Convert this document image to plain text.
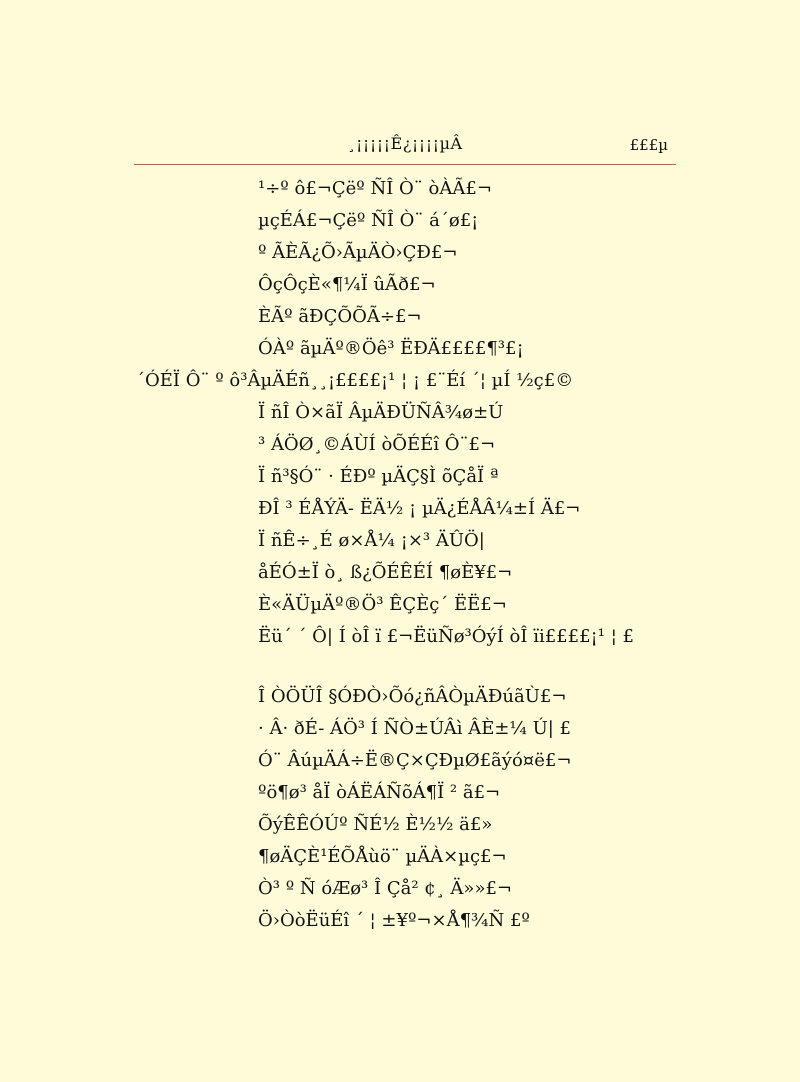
¸¡¡¡¡¡Ê¿¡¡¡¡µÂ	£££µ
¹÷º ô£¬Çëº ÑÎ Ò¨ òÀÃ£¬
µçÉÁ£¬Çëº ÑÎ Ò¨ á´ø£¡
º ÃÈÃ¿Õ›ÃµÄÒ›ÇÐ£¬
ÔçÔçÈ«¶¼Ï ûÃð£¬
ÈÃº ãÐÇÕÕÃ÷£¬
ÓÀº ãµÄº®Öê³ ËÐÄ££££¶³£¡
´ÓÉÏ Ô¨ º ô³ÂµÄÉñ¸¸¡££££¡¹ ¦ ¡ £¨Éí ´¦ µÍ ½ç£©
Ï ñÎ Ò×ãÏ ÂµÄÐÜÑÂ¾ø±Ú
³ ÁÖØ¸©ÁÙÍ òÕÉÉî Ô¨£¬
Ï ñ³§Ó¨ · ÉÐº µÄÇ§Ì õÇåÏ ª
ÐÎ ³ ÉÅÝÄ- ËÄ½ ¡ µÄ¿ÉÅÂ¼±Í Ä£¬
Ï ñÊ÷¸É ø×Å¼ ¡×³ ÄÛÖ|
åÉÓ±Ï ò¸ ß¿ÕÉÊÉÍ ¶øÈ¥£¬
È«ÄÜµÄº®Ö³ ÊÇÈç´ ËË£¬
Ëü´ ´ Ô| Í òÎ ï £¬ËüÑø³ÓýÍ òÎ ïi££££¡¹ ¦ £
Î ÒÖÜÎ §ÓÐÒ›Õó¿ñÂÒµÄÐúãÙ£¬
· Â· ðÉ- ÁÖ³ Í ÑÒ±ÚÂì ÂÈ±¼ Ú| £
Ó¨ ÂúµÄÁ÷Ë®Ç×ÇÐµØ£ãýó¤ë£¬
ºö¶ø³ åÏ òÁËÁÑõÁ¶Ï ² ã£¬
ÕýÊÊÓÚº ÑÉ½ È½½ ä£»
¶øÄÇÈ¹ÉÕÅùö¨ µÄÀ×µç£¬
Ò³ º Ñ óÆø³ Î Çå² ¢¸ Ä»»£¬
Ö›ÒòËüÉî ´ ¦ ±¥º¬×Å¶¾Ñ £º
